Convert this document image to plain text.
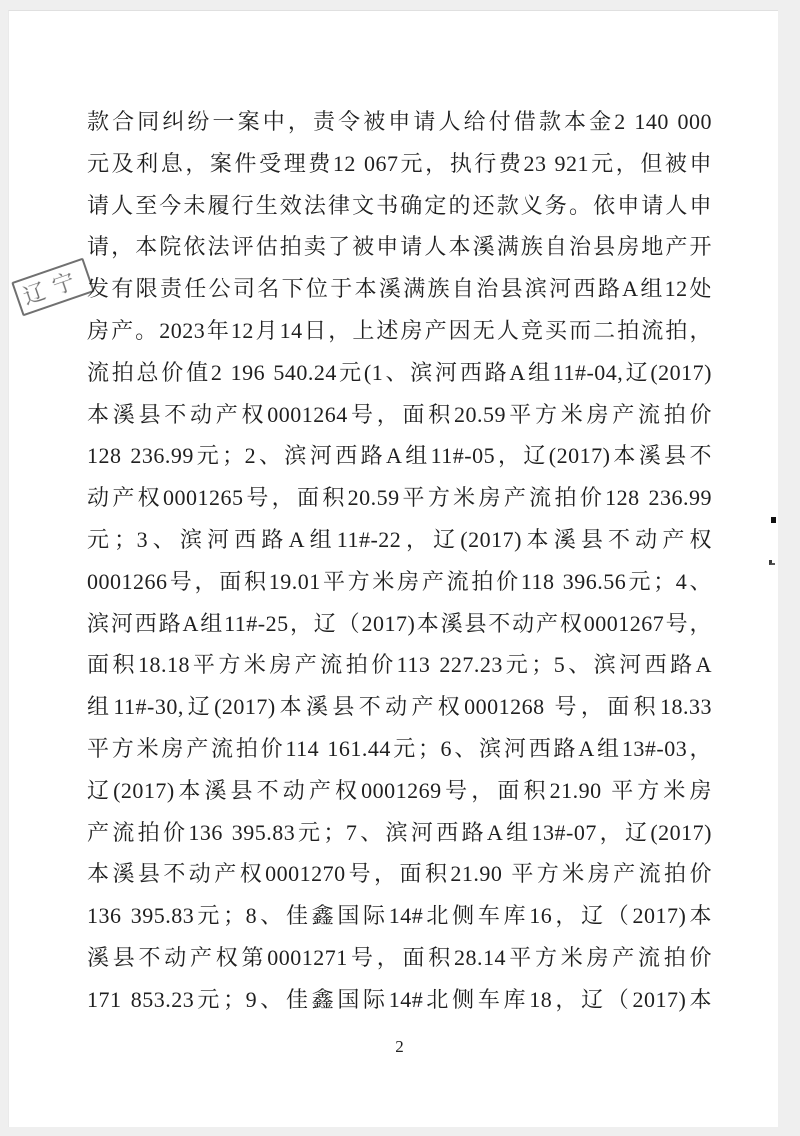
辽宁
款合同纠纷一案中，责令被申请人给付借款本金2 140 000
元及利息，案件受理费12 067元，执行费23 921元，但被申
请人至今未履行生效法律文书确定的还款义务。依申请人申
请，本院依法评估拍卖了被申请人本溪满族自治县房地产开
发有限责任公司名下位于本溪满族自治县滨河西路A组12处
房产。2023年12月14日，上述房产因无人竞买而二拍流拍，
流拍总价值2 196 540.24元(1、滨河西路A组11#-04,辽(2017)
本溪县不动产权0001264号，面积20.59平方米房产流拍价
128 236.99元；2、滨河西路A组11#-05，辽(2017)本溪县不
动产权0001265号，面积20.59平方米房产流拍价128 236.99
元；3、滨河西路A组11#-22，辽(2017)本溪县不动产权
0001266号，面积19.01平方米房产流拍价118 396.56元；4、
滨河西路A组11#-25，辽（2017)本溪县不动产权0001267号，
面积18.18平方米房产流拍价113 227.23元；5、滨河西路A
组11#-30,辽(2017)本溪县不动产权0001268 号，面积18.33
平方米房产流拍价114 161.44元；6、滨河西路A组13#-03，
辽(2017)本溪县不动产权0001269号，面积21.90 平方米房
产流拍价136 395.83元；7、滨河西路A组13#-07，辽(2017)
本溪县不动产权0001270号，面积21.90 平方米房产流拍价
136 395.83元；8、佳鑫国际14#北侧车库16，辽（2017)本
溪县不动产权第0001271号，面积28.14平方米房产流拍价
171 853.23元；9、佳鑫国际14#北侧车库18，辽（2017)本
2
